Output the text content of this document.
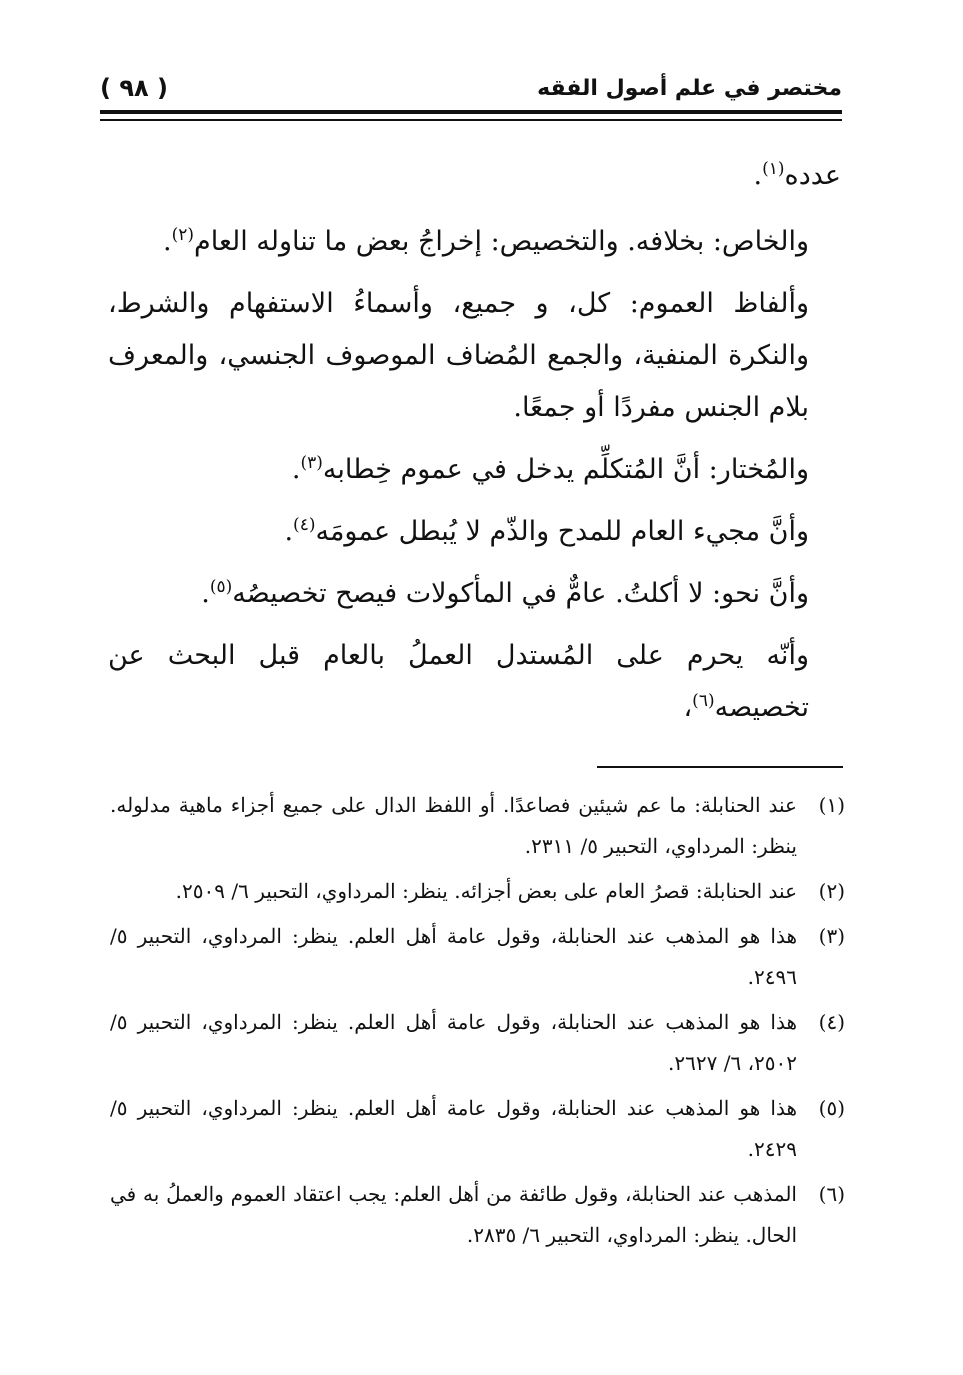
مختصر في علم أصول الفقه
( ٩٨ )

عدده$^{(١)}$.

والخاص: بخلافه. والتخصيص: إخراجُ بعض ما تناوله العام$^{(٢)}$.

وألفاظ العموم: كل، و جميع، وأسماءُ الاستفهام والشرط، والنكرة المنفية، والجمع المُضاف الموصوف الجنسي، والمعرف بلام الجنس مفردًا أو جمعًا.

والمُختار: أنَّ المُتكلِّم يدخل في عموم خِطابه$^{(٣)}$.

وأنَّ مجيء العام للمدح والذّم لا يُبطل عمومَه$^{(٤)}$.

وأنَّ نحو: لا أكلتُ. عامٌّ في المأكولات فيصح تخصيصُه$^{(٥)}$.

وأنّه يحرم على المُستدل العملُ بالعام قبل البحث عن تخصيصه$^{(٦)}$،

(١)
عند الحنابلة: ما عم شيئين فصاعدًا. أو اللفظ الدال على جميع أجزاء ماهية مدلوله. ينظر: المرداوي، التحبير ٥/ ٢٣١١.
(٢)
عند الحنابلة: قصرُ العام على بعض أجزائه. ينظر: المرداوي، التحبير ٦/ ٢٥٠٩.
(٣)
هذا هو المذهب عند الحنابلة، وقول عامة أهل العلم. ينظر: المرداوي، التحبير ٥/ ٢٤٩٦.
(٤)
هذا هو المذهب عند الحنابلة، وقول عامة أهل العلم. ينظر: المرداوي، التحبير ٥/ ٢٥٠٢، ٦/ ٢٦٢٧.
(٥)
هذا هو المذهب عند الحنابلة، وقول عامة أهل العلم. ينظر: المرداوي، التحبير ٥/ ٢٤٢٩.
(٦)
المذهب عند الحنابلة، وقول طائفة من أهل العلم: يجب اعتقاد العموم والعملُ به في الحال. ينظر: المرداوي، التحبير ٦/ ٢٨٣٥.
